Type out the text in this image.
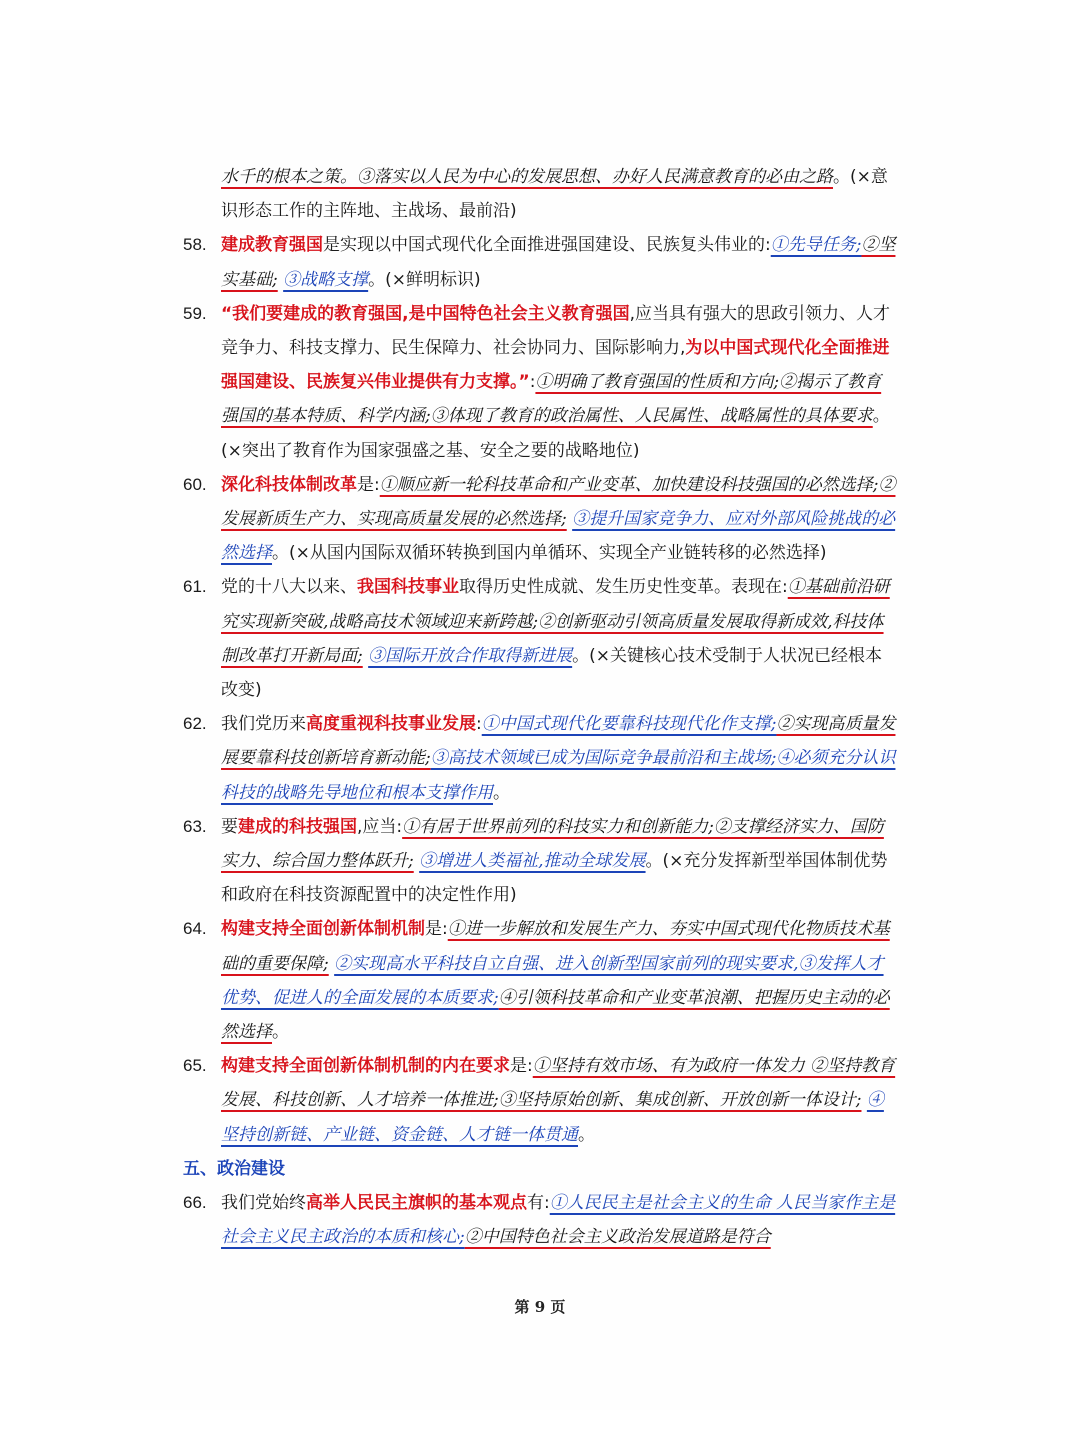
水千的根本之策。③落实以人民为中心的发展思想、办好人民满意教育的必由之路。(×意识形态工作的主阵地、主战场、最前沿)
58. 建成教育强国是实现以中国式现代化全面推进强国建设、民族复头伟业的:①先导任务;②坚实基础; ③战略支撑。(×鲜明标识)
59. “我们要建成的教育强国,是中国特色社会主义教育强国,应当具有强大的思政引领力、人才竞争力、科技支撑力、民生保障力、社会协同力、国际影响力,为以中国式现代化全面推进强国建设、民族复兴伟业提供有力支撑。”:①明确了教育强国的性质和方向;②揭示了教育强国的基本特质、科学内涵;③体现了教育的政治属性、人民属性、战略属性的具体要求。(×突出了教育作为国家强盛之基、安全之要的战略地位)
60. 深化科技体制改革是:①顺应新一轮科技革命和产业变革、加快建设科技强国的必然选择;②发展新质生产力、实现高质量发展的必然选择; ③提升国家竞争力、应对外部风险挑战的必然选择。(×从国内国际双循环转换到国内单循环、实现全产业链转移的必然选择)
61. 党的十八大以来、我国科技事业取得历史性成就、发生历史性变革。表现在:①基础前沿研究实现新突破,战略高技术领域迎来新跨越;②创新驱动引领高质量发展取得新成效,科技体制改革打开新局面; ③国际开放合作取得新进展。(×关键核心技术受制于人状况已经根本改变)
62. 我们党历来高度重视科技事业发展:①中国式现代化要靠科技现代化作支撑;②实现高质量发展要靠科技创新培育新动能;③高技术领域已成为国际竞争最前沿和主战场;④必须充分认识科技的战略先导地位和根本支撑作用。
63. 要建成的科技强国,应当:①有居于世界前列的科技实力和创新能力;②支撑经济实力、国防实力、综合国力整体跃升; ③增进人类福祉,推动全球发展。(×充分发挥新型举国体制优势和政府在科技资源配置中的决定性作用)
64. 构建支持全面创新体制机制是:①进一步解放和发展生产力、夯实中国式现代化物质技术基础的重要保障; ②实现高水平科技自立自强、进入创新型国家前列的现实要求,③发挥人才优势、促进人的全面发展的本质要求;④引领科技革命和产业变革浪潮、把握历史主动的必然选择。
65. 构建支持全面创新体制机制的内在要求是:①坚持有效市场、有为政府一体发力 ②坚持教育发展、科技创新、人才培养一体推进;③坚持原始创新、集成创新、开放创新一体设计; ④坚持创新链、产业链、资金链、人才链一体贯通。
五、政治建设
66. 我们党始终高举人民民主旗帜的基本观点有:①人民民主是社会主义的生命 人民当家作主是社会主义民主政治的本质和核心;②中国特色社会主义政治发展道路是符合
第 9 页
